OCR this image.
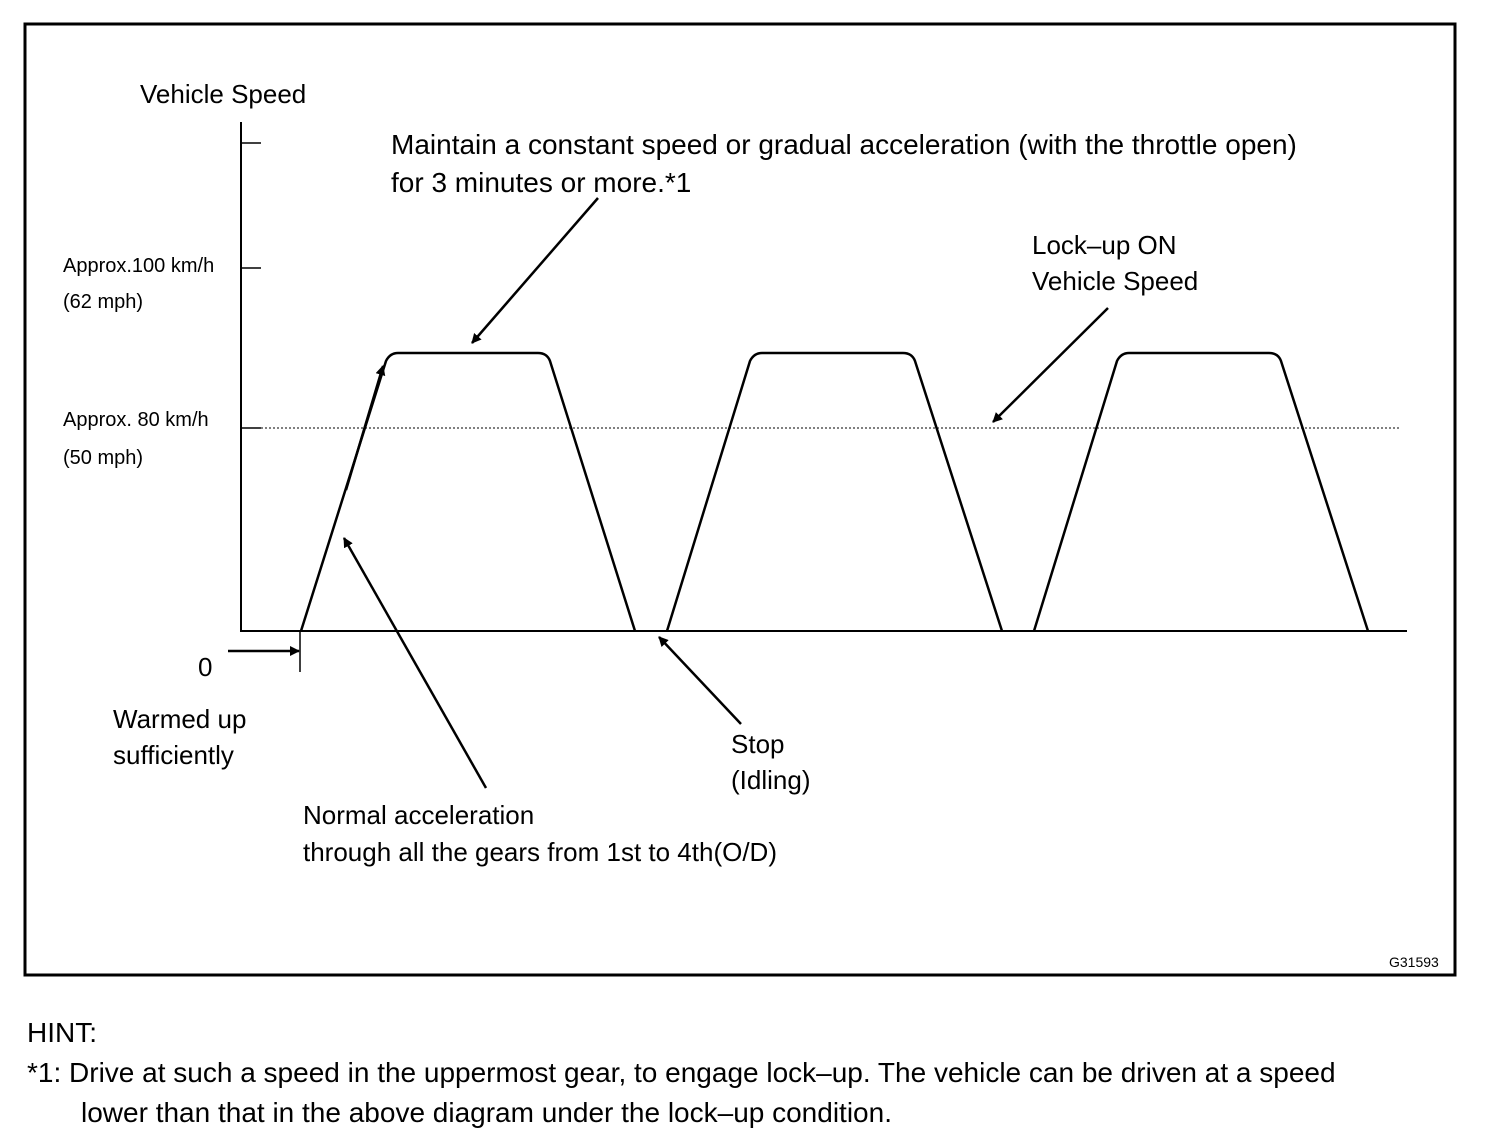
Vehicle Speed
Approx.100 km/h
(62 mph)
Approx. 80 km/h
(50 mph)
0
Maintain a constant speed or gradual acceleration (with the throttle open)
for 3 minutes or more.*1
Lock–up ON
Vehicle Speed
Warmed up
sufficiently	Stop
(Idling)
Normal acceleration
through all the gears from 1st to 4th(O/D)
G31593
HINT:
*1: Drive at such a speed in the uppermost gear, to engage lock–up. The vehicle can be driven at a speed
lower than that in the above diagram under the lock–up condition.
